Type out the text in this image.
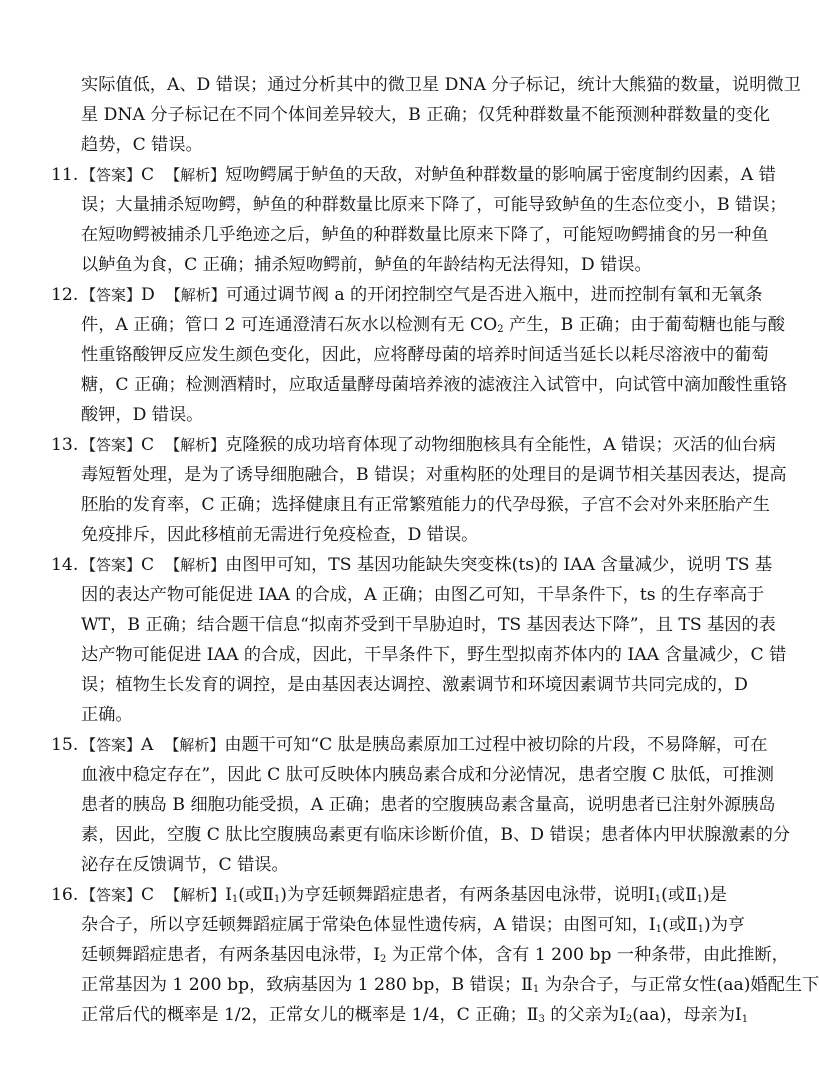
实际值低，A、D 错误；通过分析其中的微卫星 DNA 分子标记，统计大熊猫的数量，说明微卫
星 DNA 分子标记在不同个体间差异较大，B 正确；仅凭种群数量不能预测种群数量的变化
趋势，C 错误。
11. 【答案】C 【解析】短吻鳄属于鲈鱼的天敌，对鲈鱼种群数量的影响属于密度制约因素，A 错
误；大量捕杀短吻鳄，鲈鱼的种群数量比原来下降了，可能导致鲈鱼的生态位变小，B 错误；
在短吻鳄被捕杀几乎绝迹之后，鲈鱼的种群数量比原来下降了，可能短吻鳄捕食的另一种鱼
以鲈鱼为食，C 正确；捕杀短吻鳄前，鲈鱼的年龄结构无法得知，D 错误。
12. 【答案】D 【解析】可通过调节阀 a 的开闭控制空气是否进入瓶中，进而控制有氧和无氧条
件，A 正确；管口 2 可连通澄清石灰水以检测有无 $CO_2$ 产生，B 正确；由于葡萄糖也能与酸
性重铬酸钾反应发生颜色变化，因此，应将酵母菌的培养时间适当延长以耗尽溶液中的葡萄
糖，C 正确；检测酒精时，应取适量酵母菌培养液的滤液注入试管中，向试管中滴加酸性重铬
酸钾，D 错误。
13. 【答案】C 【解析】克隆猴的成功培育体现了动物细胞核具有全能性，A 错误；灭活的仙台病
毒短暂处理，是为了诱导细胞融合，B 错误；对重构胚的处理目的是调节相关基因表达，提高
胚胎的发育率，C 正确；选择健康且有正常繁殖能力的代孕母猴，子宫不会对外来胚胎产生
免疫排斥，因此移植前无需进行免疫检查，D 错误。
14. 【答案】C 【解析】由图甲可知，TS 基因功能缺失突变株(ts)的 IAA 含量减少，说明 TS 基
因的表达产物可能促进 IAA 的合成，A 正确；由图乙可知，干旱条件下，ts 的生存率高于
WT，B 正确；结合题干信息“拟南芥受到干旱胁迫时，TS 基因表达下降”，且 TS 基因的表
达产物可能促进 IAA 的合成，因此，干旱条件下，野生型拟南芥体内的 IAA 含量减少，C 错
误；植物生长发育的调控，是由基因表达调控、激素调节和环境因素调节共同完成的，D
正确。
15. 【答案】A 【解析】由题干可知“C 肽是胰岛素原加工过程中被切除的片段，不易降解，可在
血液中稳定存在”，因此 C 肽可反映体内胰岛素合成和分泌情况，患者空腹 C 肽低，可推测
患者的胰岛 B 细胞功能受损，A 正确；患者的空腹胰岛素含量高，说明患者已注射外源胰岛
素，因此，空腹 C 肽比空腹胰岛素更有临床诊断价值，B、D 错误；患者体内甲状腺激素的分
泌存在反馈调节，C 错误。
16. 【答案】C 【解析】$Ⅰ_1$(或$Ⅱ_1$)为亨廷顿舞蹈症患者，有两条基因电泳带，说明$Ⅰ_1$(或$Ⅱ_1$)是
杂合子，所以亨廷顿舞蹈症属于常染色体显性遗传病，A 错误；由图可知，$Ⅰ_1$(或$Ⅱ_1$)为亨
廷顿舞蹈症患者，有两条基因电泳带，$Ⅰ_2$ 为正常个体，含有 1 200 bp 一种条带，由此推断，
正常基因为 1 200 bp，致病基因为 1 280 bp，B 错误；$Ⅱ_1$ 为杂合子，与正常女性(aa)婚配生下
正常后代的概率是 1/2，正常女儿的概率是 1/4，C 正确；$Ⅱ_3$ 的父亲为$Ⅰ_2(aa)$，母亲为$Ⅰ_1$
